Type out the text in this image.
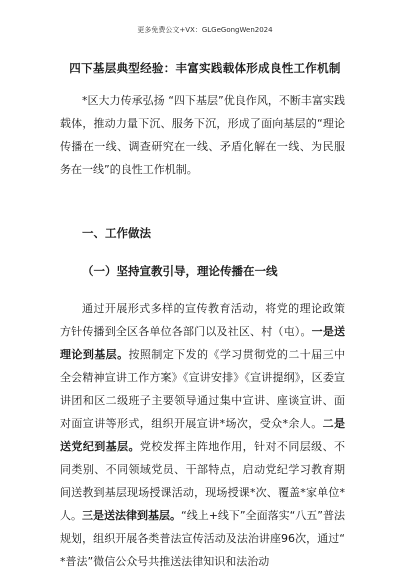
更多免费公文+VX：GLGeGongWen2024
四下基层典型经验：丰富实践载体形成良性工作机制

*区大力传承弘扬 “四下基层”优良作风，不断丰富实践载体，推动力量下沉、服务下沉，形成了面向基层的“理论传播在一线、调查研究在一线、矛盾化解在一线、为民服务在一线”的良性工作机制。

一、工作做法
（一）坚持宣教引导，理论传播在一线

通过开展形式多样的宣传教育活动，将党的理论政策方针传播到全区各单位各部门以及社区、村（屯）。一是送理论到基层。按照制定下发的《学习贯彻党的二十届三中全会精神宣讲工作方案》《宣讲安排》《宣讲提纲》，区委宣讲团和区二级班子主要领导通过集中宣讲、座谈宣讲、面对面宣讲等形式，组织开展宣讲*场次，受众*余人。二是送党纪到基层。党校发挥主阵地作用，针对不同层级、不同类别、不同领域党员、干部特点，启动党纪学习教育期间送教到基层现场授课活动，现场授课*次、覆盖*家单位*人。三是送法律到基层。“线上+线下”全面落实“八五”普法规划，组织开展各类普法宣传活动及法治讲座96次，通过“ *普法”微信公众号共推送法律知识和法治动
